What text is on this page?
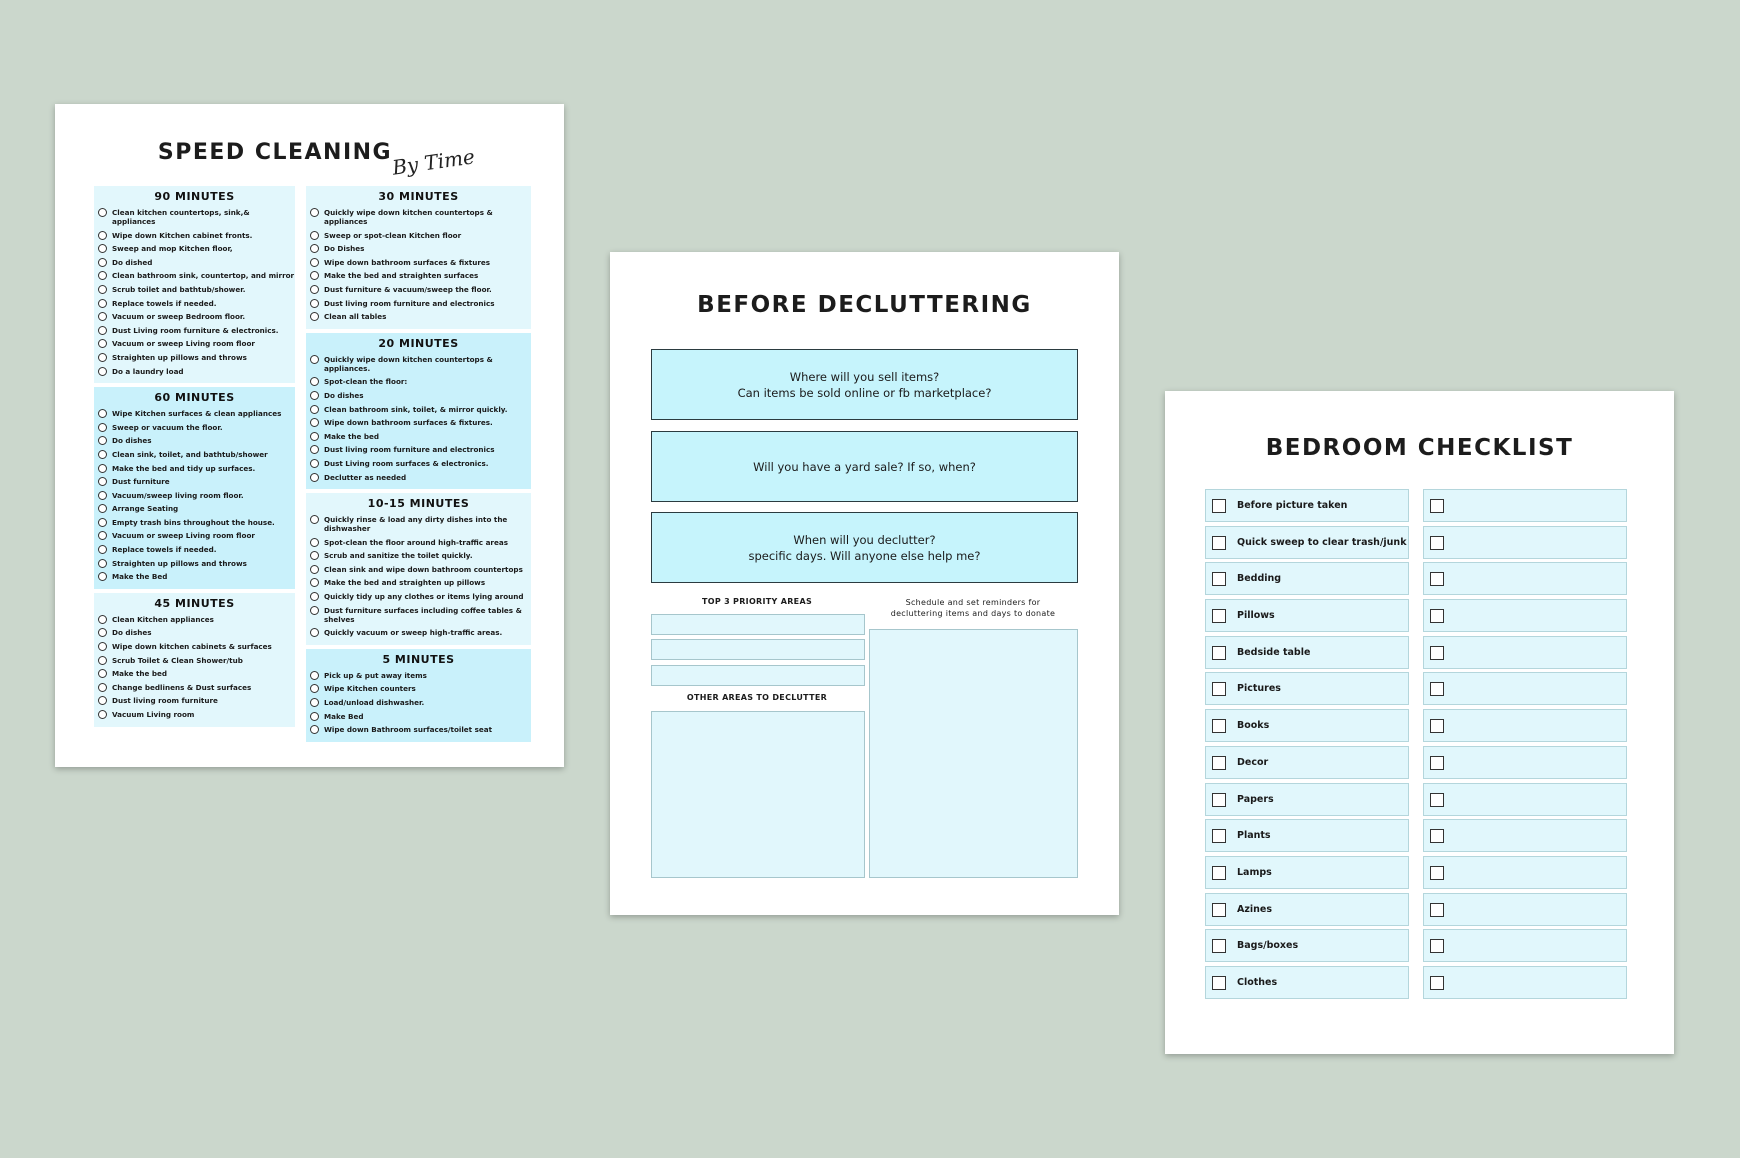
SPEED CLEANING
By Time
90 MINUTES
Clean kitchen countertops, sink,& appliances
Wipe down Kitchen cabinet fronts.
Sweep and mop Kitchen floor,
Do dished
Clean bathroom sink, countertop, and mirror
Scrub toilet and bathtub/shower.
Replace towels if needed.
Vacuum or sweep Bedroom floor.
Dust Living room furniture & electronics.
Vacuum or sweep Living room floor
Straighten up pillows and throws
Do a laundry load
60 MINUTES
Wipe Kitchen surfaces & clean appliances
Sweep or vacuum the floor.
Do dishes
Clean sink, toilet, and bathtub/shower
Make the bed and tidy up surfaces.
Dust furniture
Vacuum/sweep living room floor.
Arrange Seating
Empty trash bins throughout the house.
Vacuum or sweep Living room floor
Replace towels if needed.
Straighten up pillows and throws
Make the Bed
45 MINUTES
Clean Kitchen appliances
Do dishes
Wipe down kitchen cabinets & surfaces
Scrub Toilet & Clean Shower/tub
Make the bed
Change bedlinens & Dust surfaces
Dust living room furniture
Vacuum Living room
30 MINUTES
Quickly wipe down kitchen countertops & appliances
Sweep or spot-clean Kitchen floor
Do Dishes
Wipe down bathroom surfaces & fixtures
Make the bed and straighten surfaces
Dust furniture & vacuum/sweep the floor.
Dust living room furniture and electronics
Clean all tables
20 MINUTES
Quickly wipe down kitchen countertops & appliances.
Spot-clean the floor:
Do dishes
Clean bathroom sink, toilet, & mirror quickly.
Wipe down bathroom surfaces & fixtures.
Make the bed
Dust living room furniture and electronics
Dust Living room surfaces & electronics.
Declutter as needed
10-15 MINUTES
Quickly rinse & load any dirty dishes into the dishwasher
Spot-clean the floor around high-traffic areas
Scrub and sanitize the toilet quickly.
Clean sink and wipe down bathroom countertops
Make the bed and straighten up pillows
Quickly tidy up any clothes or items lying around
Dust furniture surfaces including coffee tables & shelves
Quickly vacuum or sweep high-traffic areas.
5 MINUTES
Pick up & put away items
Wipe Kitchen counters
Load/unload dishwasher.
Make Bed
Wipe down Bathroom surfaces/toilet seat
BEFORE DECLUTTERING
Where will you sell items?
Can items be sold online or fb marketplace?
Will you have a yard sale? If so, when?
When will you declutter?
specific days. Will anyone else help me?
TOP 3 PRIORITY AREAS
OTHER AREAS TO DECLUTTER
Schedule and set reminders for
decluttering items and days to donate
BEDROOM CHECKLIST
Before picture taken
Quick sweep to clear trash/junk
Bedding
Pillows
Bedside table
Pictures
Books
Decor
Papers
Plants
Lamps
Azines
Bags/boxes
Clothes
